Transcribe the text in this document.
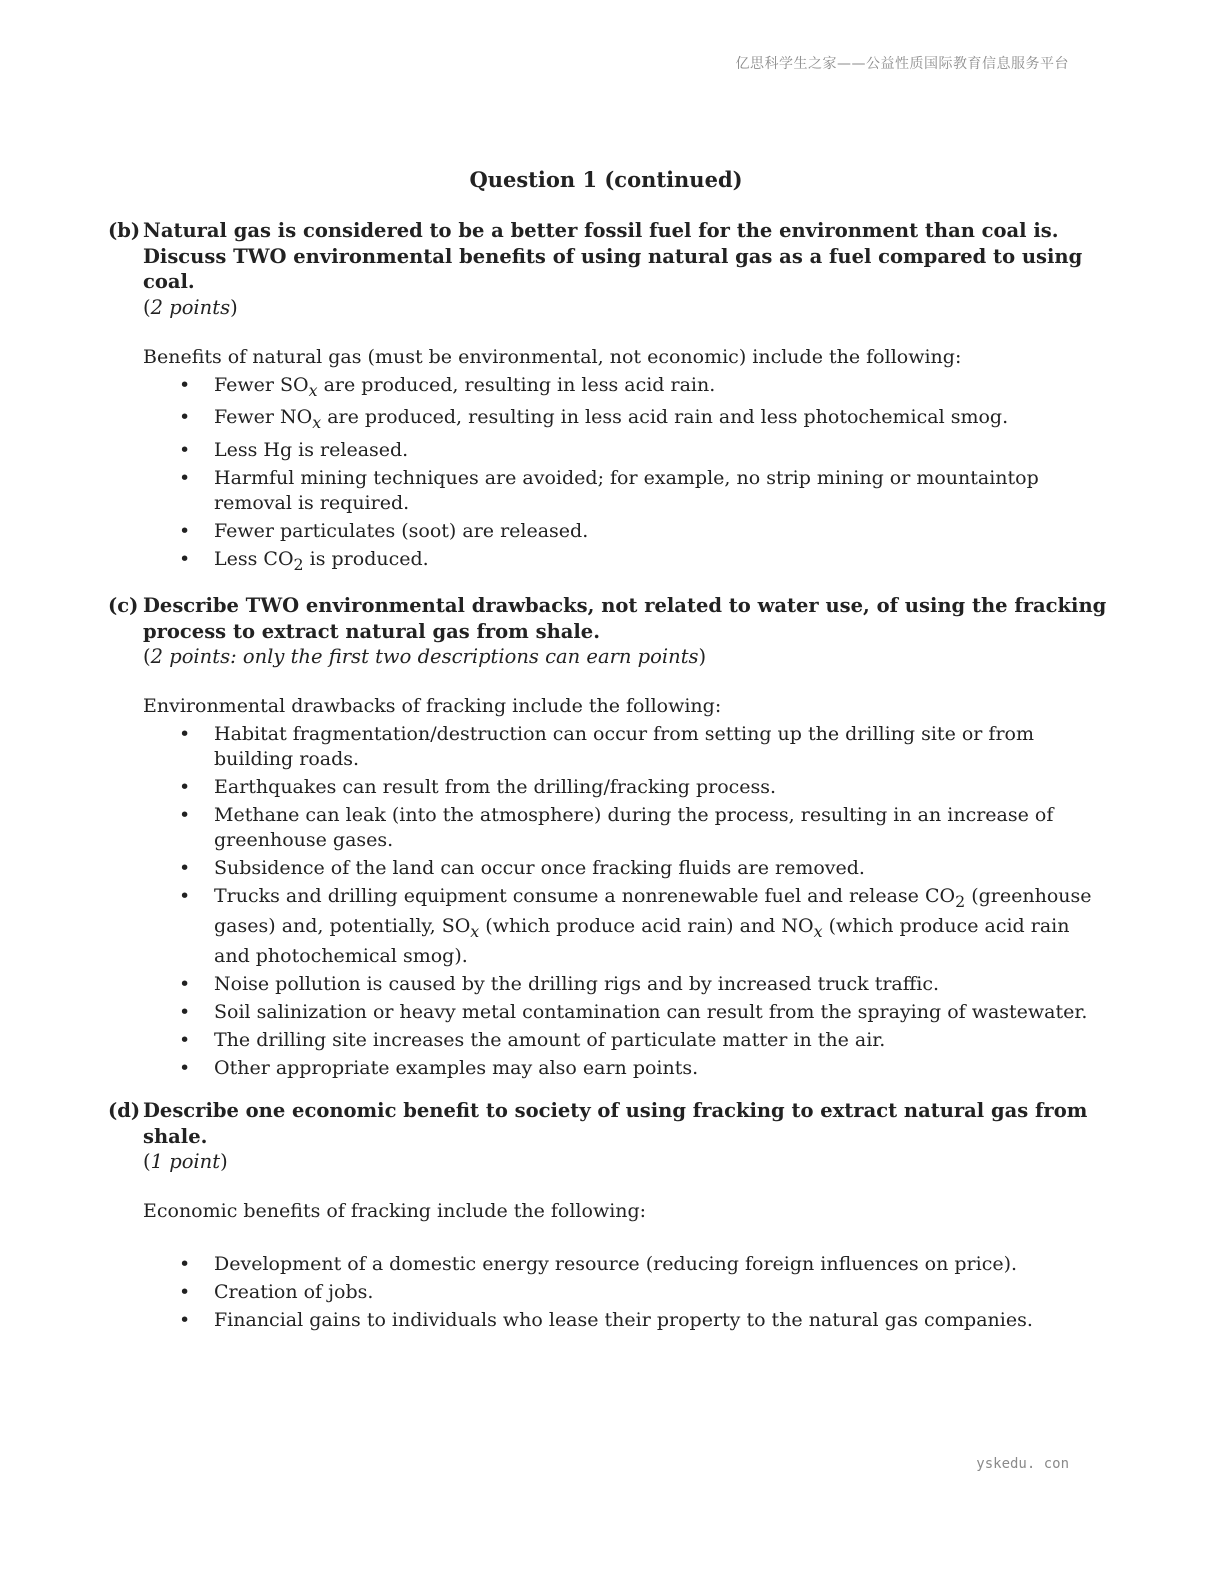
亿思科学生之家——公益性质国际教育信息服务平台
Question 1 (continued)
(b) Natural gas is considered to be a better fossil fuel for the environment than coal is. Discuss TWO environmental benefits of using natural gas as a fuel compared to using coal.
(2 points)
Benefits of natural gas (must be environmental, not economic) include the following:
• Fewer $SO_x$ are produced, resulting in less acid rain.
• Fewer $NO_x$ are produced, resulting in less acid rain and less photochemical smog.
• Less Hg is released.
• Harmful mining techniques are avoided; for example, no strip mining or mountaintop removal is required.
• Fewer particulates (soot) are released.
• Less $CO_2$ is produced.
(c) Describe TWO environmental drawbacks, not related to water use, of using the fracking process to extract natural gas from shale.
(2 points: only the first two descriptions can earn points)
Environmental drawbacks of fracking include the following:
• Habitat fragmentation/destruction can occur from setting up the drilling site or from building roads.
• Earthquakes can result from the drilling/fracking process.
• Methane can leak (into the atmosphere) during the process, resulting in an increase of greenhouse gases.
• Subsidence of the land can occur once fracking fluids are removed.
• Trucks and drilling equipment consume a nonrenewable fuel and release $CO_2$ (greenhouse gases) and, potentially, $SO_x$ (which produce acid rain) and $NO_x$ (which produce acid rain and photochemical smog).
• Noise pollution is caused by the drilling rigs and by increased truck traffic.
• Soil salinization or heavy metal contamination can result from the spraying of wastewater.
• The drilling site increases the amount of particulate matter in the air.
• Other appropriate examples may also earn points.
(d) Describe one economic benefit to society of using fracking to extract natural gas from shale.
(1 point)
Economic benefits of fracking include the following:
• Development of a domestic energy resource (reducing foreign influences on price).
• Creation of jobs.
• Financial gains to individuals who lease their property to the natural gas companies.
yskedu. con
